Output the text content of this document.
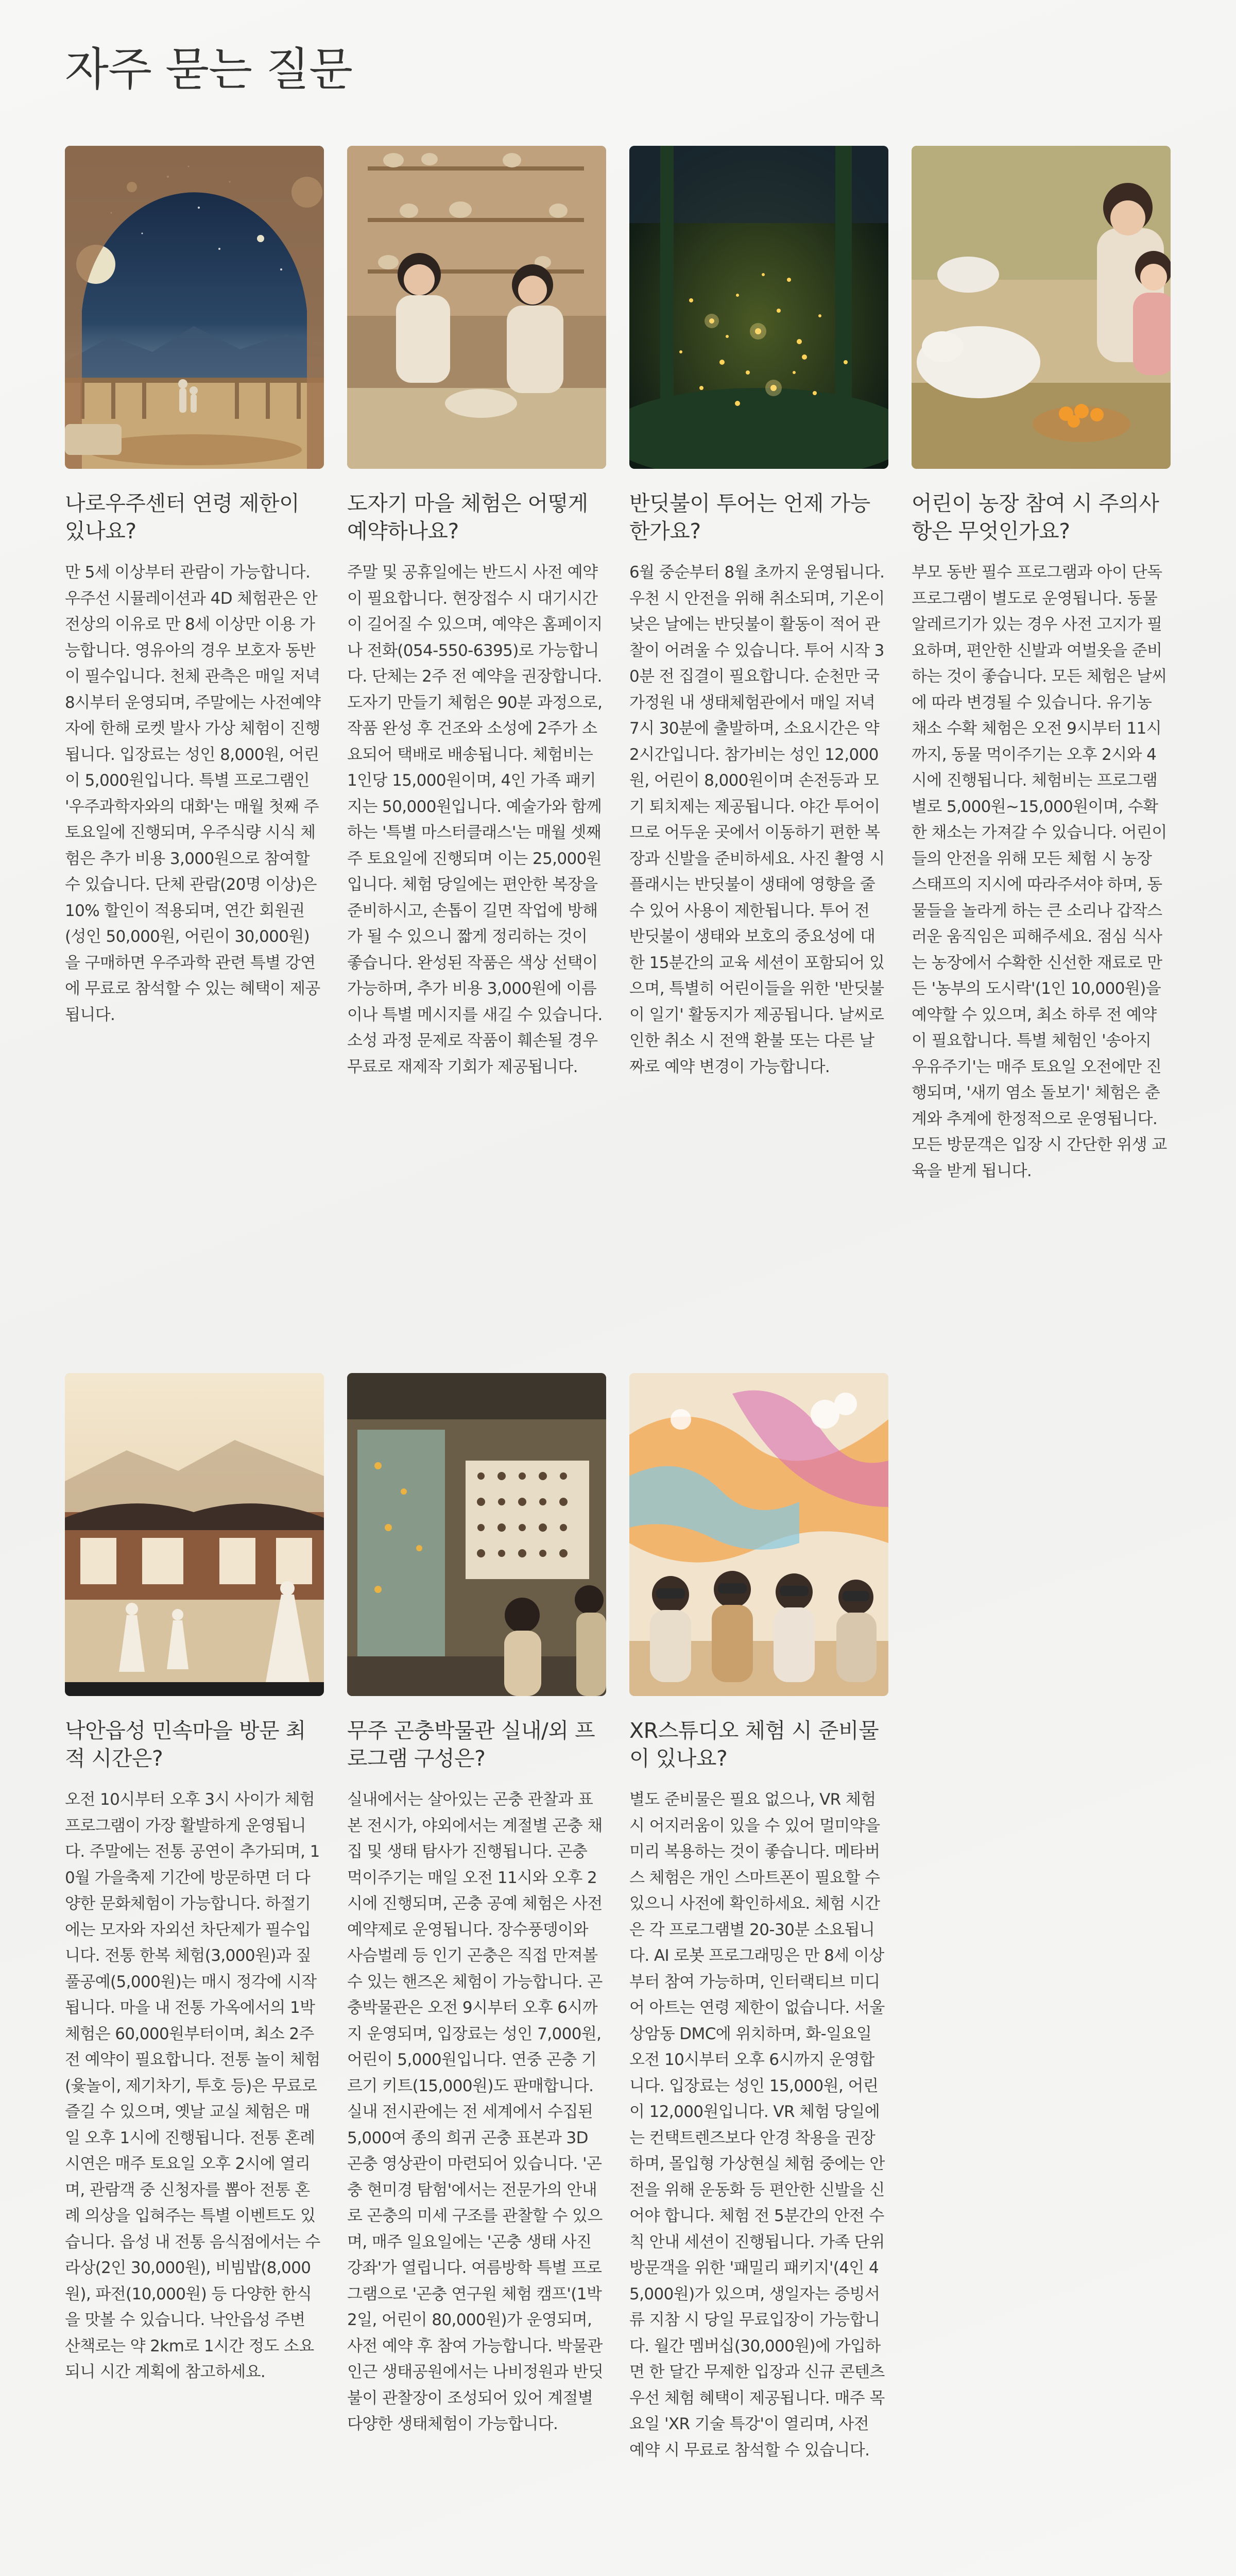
자주 묻는 질문
나로우주센터 연령 제한이 있나요?

만 5세 이상부터 관람이 가능합니다. 우주선 시뮬레이션과 4D 체험관은 안전상의 이유로 만 8세 이상만 이용 가능합니다. 영유아의 경우 보호자 동반이 필수입니다. 천체 관측은 매일 저녁 8시부터 운영되며, 주말에는 사전예약자에 한해 로켓 발사 가상 체험이 진행됩니다. 입장료는 성인 8,000원, 어린이 5,000원입니다. 특별 프로그램인 '우주과학자와의 대화'는 매월 첫째 주 토요일에 진행되며, 우주식량 시식 체험은 추가 비용 3,000원으로 참여할 수 있습니다. 단체 관람(20명 이상)은 10% 할인이 적용되며, 연간 회원권(성인 50,000원, 어린이 30,000원)을 구매하면 우주과학 관련 특별 강연에 무료로 참석할 수 있는 혜택이 제공됩니다.

도자기 마을 체험은 어떻게 예약하나요?

주말 및 공휴일에는 반드시 사전 예약이 필요합니다. 현장접수 시 대기시간이 길어질 수 있으며, 예약은 홈페이지나 전화(054-550-6395)로 가능합니다. 단체는 2주 전 예약을 권장합니다. 도자기 만들기 체험은 90분 과정으로, 작품 완성 후 건조와 소성에 2주가 소요되어 택배로 배송됩니다. 체험비는 1인당 15,000원이며, 4인 가족 패키지는 50,000원입니다. 예술가와 함께하는 '특별 마스터클래스'는 매월 셋째 주 토요일에 진행되며 이는 25,000원입니다. 체험 당일에는 편안한 복장을 준비하시고, 손톱이 길면 작업에 방해가 될 수 있으니 짧게 정리하는 것이 좋습니다. 완성된 작품은 색상 선택이 가능하며, 추가 비용 3,000원에 이름이나 특별 메시지를 새길 수 있습니다. 소성 과정 문제로 작품이 훼손될 경우 무료로 재제작 기회가 제공됩니다.

반딧불이 투어는 언제 가능한가요?

6월 중순부터 8월 초까지 운영됩니다. 우천 시 안전을 위해 취소되며, 기온이 낮은 날에는 반딧불이 활동이 적어 관찰이 어려울 수 있습니다. 투어 시작 30분 전 집결이 필요합니다. 순천만 국가정원 내 생태체험관에서 매일 저녁 7시 30분에 출발하며, 소요시간은 약 2시간입니다. 참가비는 성인 12,000원, 어린이 8,000원이며 손전등과 모기 퇴치제는 제공됩니다. 야간 투어이므로 어두운 곳에서 이동하기 편한 복장과 신발을 준비하세요. 사진 촬영 시 플래시는 반딧불이 생태에 영향을 줄 수 있어 사용이 제한됩니다. 투어 전 반딧불이 생태와 보호의 중요성에 대한 15분간의 교육 세션이 포함되어 있으며, 특별히 어린이들을 위한 '반딧불이 일기' 활동지가 제공됩니다. 날씨로 인한 취소 시 전액 환불 또는 다른 날짜로 예약 변경이 가능합니다.

어린이 농장 참여 시 주의사항은 무엇인가요?

부모 동반 필수 프로그램과 아이 단독 프로그램이 별도로 운영됩니다. 동물 알레르기가 있는 경우 사전 고지가 필요하며, 편안한 신발과 여벌옷을 준비하는 것이 좋습니다. 모든 체험은 날씨에 따라 변경될 수 있습니다. 유기농 채소 수확 체험은 오전 9시부터 11시까지, 동물 먹이주기는 오후 2시와 4시에 진행됩니다. 체험비는 프로그램별로 5,000원~15,000원이며, 수확한 채소는 가져갈 수 있습니다. 어린이들의 안전을 위해 모든 체험 시 농장 스태프의 지시에 따라주셔야 하며, 동물들을 놀라게 하는 큰 소리나 갑작스러운 움직임은 피해주세요. 점심 식사는 농장에서 수확한 신선한 재료로 만든 '농부의 도시락'(1인 10,000원)을 예약할 수 있으며, 최소 하루 전 예약이 필요합니다. 특별 체험인 '송아지 우유주기'는 매주 토요일 오전에만 진행되며, '새끼 염소 돌보기' 체험은 춘계와 추계에 한정적으로 운영됩니다. 모든 방문객은 입장 시 간단한 위생 교육을 받게 됩니다.

낙안읍성 민속마을 방문 최적 시간은?

오전 10시부터 오후 3시 사이가 체험 프로그램이 가장 활발하게 운영됩니다. 주말에는 전통 공연이 추가되며, 10월 가을축제 기간에 방문하면 더 다양한 문화체험이 가능합니다. 하절기에는 모자와 자외선 차단제가 필수입니다. 전통 한복 체험(3,000원)과 짚풀공예(5,000원)는 매시 정각에 시작됩니다. 마을 내 전통 가옥에서의 1박 체험은 60,000원부터이며, 최소 2주 전 예약이 필요합니다. 전통 놀이 체험(윷놀이, 제기차기, 투호 등)은 무료로 즐길 수 있으며, 옛날 교실 체험은 매일 오후 1시에 진행됩니다. 전통 혼례 시연은 매주 토요일 오후 2시에 열리며, 관람객 중 신청자를 뽑아 전통 혼례 의상을 입혀주는 특별 이벤트도 있습니다. 읍성 내 전통 음식점에서는 수라상(2인 30,000원), 비빔밥(8,000원), 파전(10,000원) 등 다양한 한식을 맛볼 수 있습니다. 낙안읍성 주변 산책로는 약 2km로 1시간 정도 소요되니 시간 계획에 참고하세요.

무주 곤충박물관 실내/외 프로그램 구성은?

실내에서는 살아있는 곤충 관찰과 표본 전시가, 야외에서는 계절별 곤충 채집 및 생태 탐사가 진행됩니다. 곤충 먹이주기는 매일 오전 11시와 오후 2시에 진행되며, 곤충 공예 체험은 사전 예약제로 운영됩니다. 장수풍뎅이와 사슴벌레 등 인기 곤충은 직접 만져볼 수 있는 핸즈온 체험이 가능합니다. 곤충박물관은 오전 9시부터 오후 6시까지 운영되며, 입장료는 성인 7,000원, 어린이 5,000원입니다. 연중 곤충 기르기 키트(15,000원)도 판매합니다. 실내 전시관에는 전 세계에서 수집된 5,000여 종의 희귀 곤충 표본과 3D 곤충 영상관이 마련되어 있습니다. '곤충 현미경 탐험'에서는 전문가의 안내로 곤충의 미세 구조를 관찰할 수 있으며, 매주 일요일에는 '곤충 생태 사진 강좌'가 열립니다. 여름방학 특별 프로그램으로 '곤충 연구원 체험 캠프'(1박 2일, 어린이 80,000원)가 운영되며, 사전 예약 후 참여 가능합니다. 박물관 인근 생태공원에서는 나비정원과 반딧불이 관찰장이 조성되어 있어 계절별 다양한 생태체험이 가능합니다.

XR스튜디오 체험 시 준비물이 있나요?

별도 준비물은 필요 없으나, VR 체험 시 어지러움이 있을 수 있어 멀미약을 미리 복용하는 것이 좋습니다. 메타버스 체험은 개인 스마트폰이 필요할 수 있으니 사전에 확인하세요. 체험 시간은 각 프로그램별 20-30분 소요됩니다. AI 로봇 프로그래밍은 만 8세 이상부터 참여 가능하며, 인터랙티브 미디어 아트는 연령 제한이 없습니다. 서울 상암동 DMC에 위치하며, 화-일요일 오전 10시부터 오후 6시까지 운영합니다. 입장료는 성인 15,000원, 어린이 12,000원입니다. VR 체험 당일에는 컨택트렌즈보다 안경 착용을 권장하며, 몰입형 가상현실 체험 중에는 안전을 위해 운동화 등 편안한 신발을 신어야 합니다. 체험 전 5분간의 안전 수칙 안내 세션이 진행됩니다. 가족 단위 방문객을 위한 '패밀리 패키지'(4인 45,000원)가 있으며, 생일자는 증빙서류 지참 시 당일 무료입장이 가능합니다. 월간 멤버십(30,000원)에 가입하면 한 달간 무제한 입장과 신규 콘텐츠 우선 체험 혜택이 제공됩니다. 매주 목요일 'XR 기술 특강'이 열리며, 사전 예약 시 무료로 참석할 수 있습니다.
